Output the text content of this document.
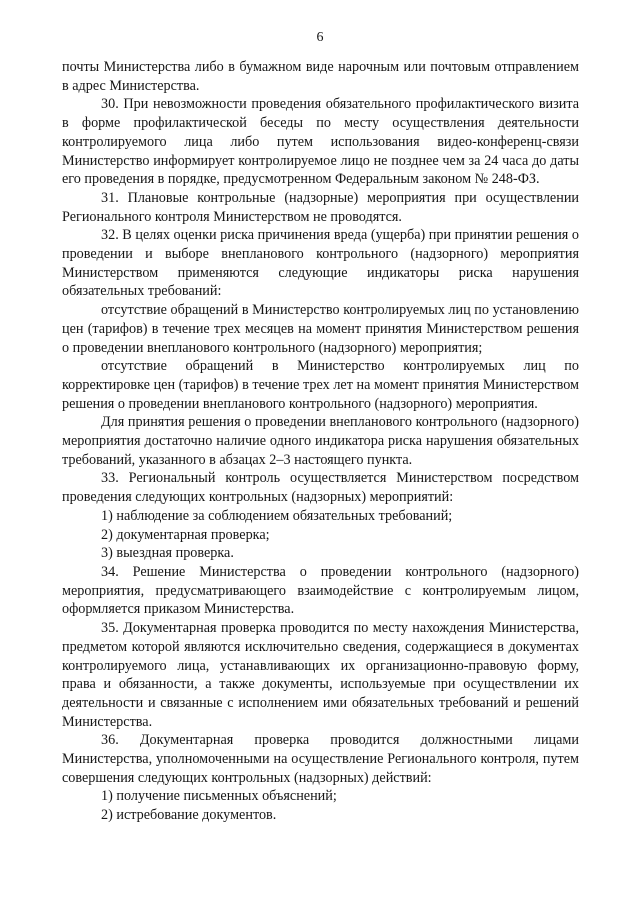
6

почты Министерства либо в бумажном виде нарочным или почтовым отправлением в адрес Министерства.

30. При невозможности проведения обязательного профилактического визита в форме профилактической беседы по месту осуществления деятельности контролируемого лица либо путем использования видео-конференц-связи Министерство информирует контролируемое лицо не позднее чем за 24 часа до даты его проведения в порядке, предусмотренном Федеральным законом № 248-ФЗ.

31. Плановые контрольные (надзорные) мероприятия при осуществлении Регионального контроля Министерством не проводятся.

32. В целях оценки риска причинения вреда (ущерба) при принятии решения о проведении и выборе внепланового контрольного (надзорного) мероприятия Министерством применяются следующие индикаторы риска нарушения обязательных требований:

отсутствие обращений в Министерство контролируемых лиц по установлению цен (тарифов) в течение трех месяцев на момент принятия Министерством решения о проведении внепланового контрольного (надзорного) мероприятия;

отсутствие обращений в Министерство контролируемых лиц по корректировке цен (тарифов) в течение трех лет на момент принятия Министерством решения о проведении внепланового контрольного (надзорного) мероприятия.

Для принятия решения о проведении внепланового контрольного (надзорного) мероприятия достаточно наличие одного индикатора риска нарушения обязательных требований, указанного в абзацах 2–3 настоящего пункта.

33. Региональный контроль осуществляется Министерством посредством проведения следующих контрольных (надзорных) мероприятий:

1) наблюдение за соблюдением обязательных требований;

2) документарная проверка;

3) выездная проверка.

34. Решение Министерства о проведении контрольного (надзорного) мероприятия, предусматривающего взаимодействие с контролируемым лицом, оформляется приказом Министерства.

35. Документарная проверка проводится по месту нахождения Министерства, предметом которой являются исключительно сведения, содержащиеся в документах контролируемого лица, устанавливающих их организационно-правовую форму, права и обязанности, а также документы, используемые при осуществлении их деятельности и связанные с исполнением ими обязательных требований и решений Министерства.

36. Документарная проверка проводится должностными лицами Министерства, уполномоченными на осуществление Регионального контроля, путем совершения следующих контрольных (надзорных) действий:

1) получение письменных объяснений;

2) истребование документов.
